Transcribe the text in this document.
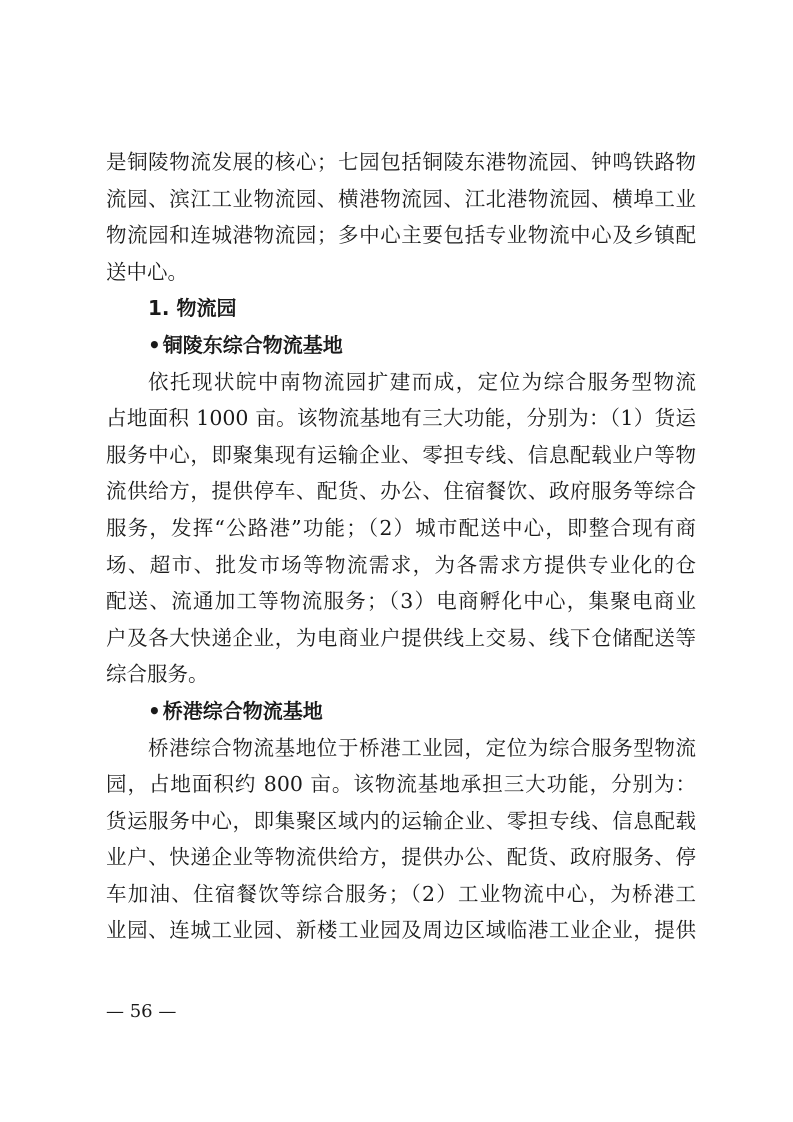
是铜陵物流发展的核心；七园包括铜陵东港物流园、钟鸣铁路物
流园、滨江工业物流园、横港物流园、江北港物流园、横埠工业
物流园和连城港物流园；多中心主要包括专业物流中心及乡镇配
送中心。
1. 物流园
• 铜陵东综合物流基地
依托现状皖中南物流园扩建而成，定位为综合服务型物流
占地面积 1000 亩。该物流基地有三大功能，分别为：（1）货运
服务中心，即聚集现有运输企业、零担专线、信息配载业户等物
流供给方，提供停车、配货、办公、住宿餐饮、政府服务等综合
服务，发挥“公路港”功能；（2）城市配送中心，即整合现有商
场、超市、批发市场等物流需求，为各需求方提供专业化的仓
配送、流通加工等物流服务；（3）电商孵化中心，集聚电商业
户及各大快递企业，为电商业户提供线上交易、线下仓储配送等
综合服务。
• 桥港综合物流基地
桥港综合物流基地位于桥港工业园，定位为综合服务型物流
园，占地面积约 800 亩。该物流基地承担三大功能，分别为：
货运服务中心，即集聚区域内的运输企业、零担专线、信息配载
业户、快递企业等物流供给方，提供办公、配货、政府服务、停
车加油、住宿餐饮等综合服务；（2）工业物流中心，为桥港工
业园、连城工业园、新楼工业园及周边区域临港工业企业，提供
— 56 —
